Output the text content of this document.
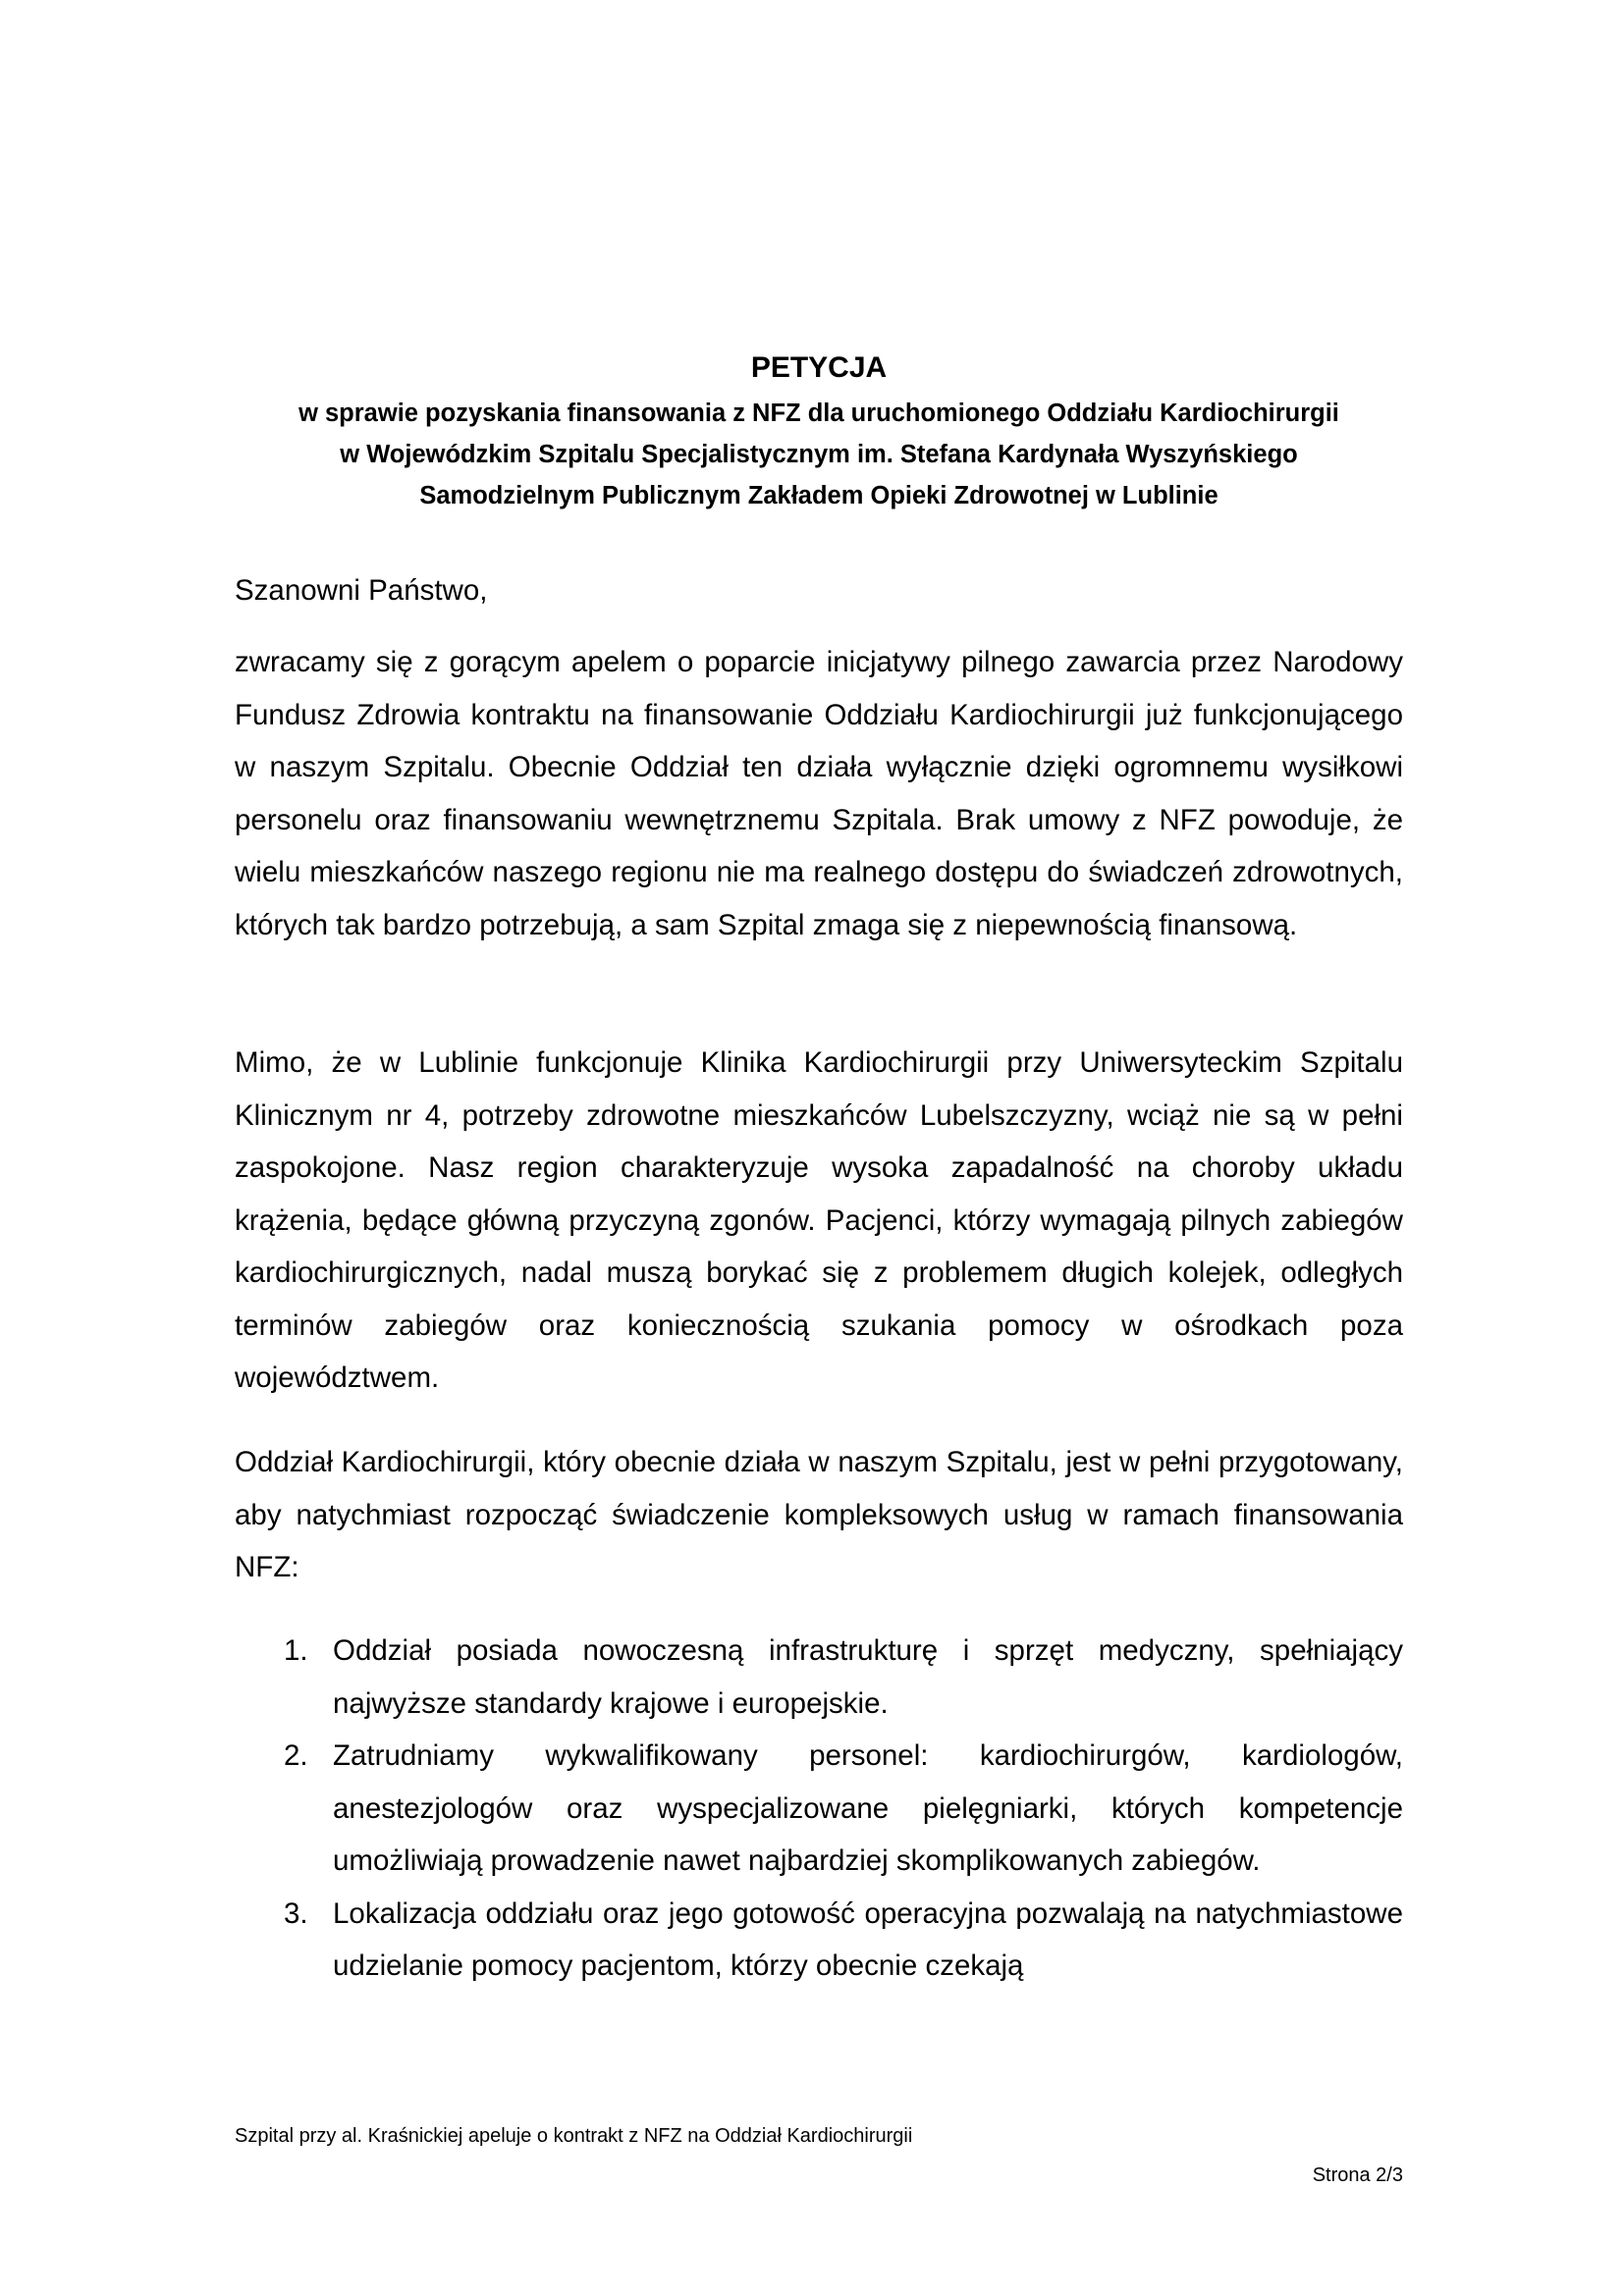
PETYCJA

w sprawie pozyskania finansowania z NFZ dla uruchomionego Oddziału Kardiochirurgii

w Wojewódzkim Szpitalu Specjalistycznym im. Stefana Kardynała Wyszyńskiego

Samodzielnym Publicznym Zakładem Opieki Zdrowotnej w Lublinie

Szanowni Państwo,

zwracamy się z gorącym apelem o poparcie inicjatywy pilnego zawarcia przez Narodowy Fundusz Zdrowia kontraktu na finansowanie Oddziału Kardiochirurgii już funkcjonującego w naszym Szpitalu. Obecnie Oddział ten działa wyłącznie dzięki ogromnemu wysiłkowi personelu oraz finansowaniu wewnętrznemu Szpitala. Brak umowy z NFZ powoduje, że wielu mieszkańców naszego regionu nie ma realnego dostępu do świadczeń zdrowotnych, których tak bardzo potrzebują, a sam Szpital zmaga się z niepewnością finansową.

Mimo, że w Lublinie funkcjonuje Klinika Kardiochirurgii przy Uniwersyteckim Szpitalu Klinicznym nr 4, potrzeby zdrowotne mieszkańców Lubelszczyzny, wciąż nie są w pełni zaspokojone. Nasz region charakteryzuje wysoka zapadalność na choroby układu krążenia, będące główną przyczyną zgonów. Pacjenci, którzy wymagają pilnych zabiegów kardiochirurgicznych, nadal muszą borykać się z problemem długich kolejek, odległych terminów zabiegów oraz koniecznością szukania pomocy w ośrodkach poza województwem.

Oddział Kardiochirurgii, który obecnie działa w naszym Szpitalu, jest w pełni przygotowany, aby natychmiast rozpocząć świadczenie kompleksowych usług w ramach finansowania NFZ:

1. Oddział posiada nowoczesną infrastrukturę i sprzęt medyczny, spełniający najwyższe standardy krajowe i europejskie.
2. Zatrudniamy wykwalifikowany personel: kardiochirurgów, kardiologów, anestezjologów oraz wyspecjalizowane pielęgniarki, których kompetencje umożliwiają prowadzenie nawet najbardziej skomplikowanych zabiegów.
3. Lokalizacja oddziału oraz jego gotowość operacyjna pozwalają na natychmiastowe udzielanie pomocy pacjentom, którzy obecnie czekają
Szpital przy al. Kraśnickiej apeluje o kontrakt z NFZ na Oddział Kardiochirurgii
Strona 2/3
